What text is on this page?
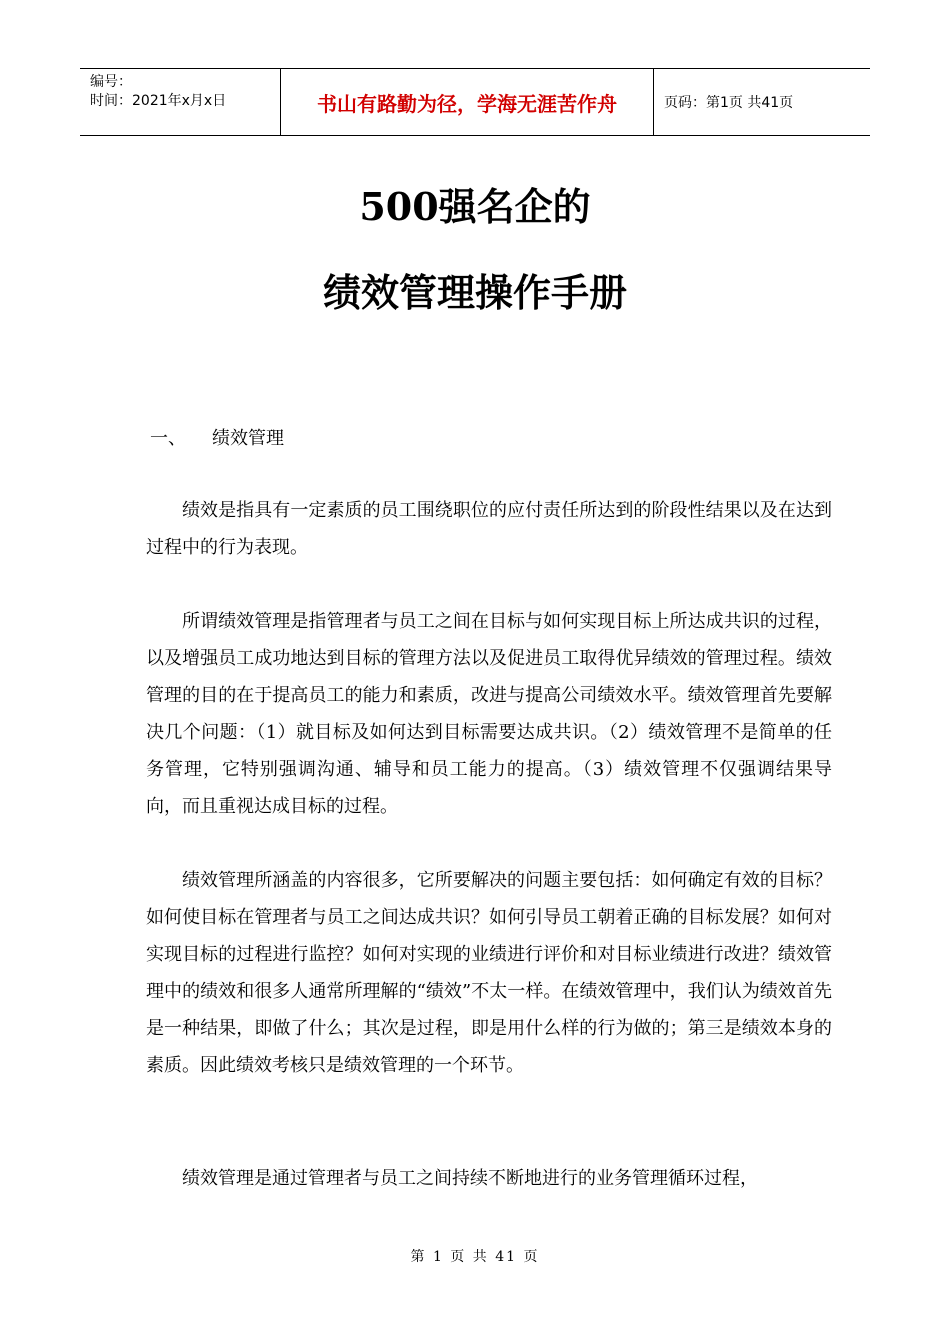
编号：
时间：2021年x月x日	书山有路勤为径，学海无涯苦作舟	页码：第1页 共41页
500强名企的
绩效管理操作手册
一、 绩效管理

绩效是指具有一定素质的员工围绕职位的应付责任所达到的阶段性结果以及在达到过程中的行为表现。

所谓绩效管理是指管理者与员工之间在目标与如何实现目标上所达成共识的过程，以及增强员工成功地达到目标的管理方法以及促进员工取得优异绩效的管理过程。绩效管理的目的在于提高员工的能力和素质，改进与提高公司绩效水平。绩效管理首先要解决几个问题：（1）就目标及如何达到目标需要达成共识。（2）绩效管理不是简单的任务管理，它特别强调沟通、辅导和员工能力的提高。（3）绩效管理不仅强调结果导向，而且重视达成目标的过程。

绩效管理所涵盖的内容很多，它所要解决的问题主要包括：如何确定有效的目标？如何使目标在管理者与员工之间达成共识？如何引导员工朝着正确的目标发展？如何对实现目标的过程进行监控？如何对实现的业绩进行评价和对目标业绩进行改进？绩效管理中的绩效和很多人通常所理解的“绩效”不太一样。在绩效管理中，我们认为绩效首先是一种结果，即做了什么；其次是过程，即是用什么样的行为做的；第三是绩效本身的素质。因此绩效考核只是绩效管理的一个环节。

绩效管理是通过管理者与员工之间持续不断地进行的业务管理循环过程，

第 1 页 共 41 页
